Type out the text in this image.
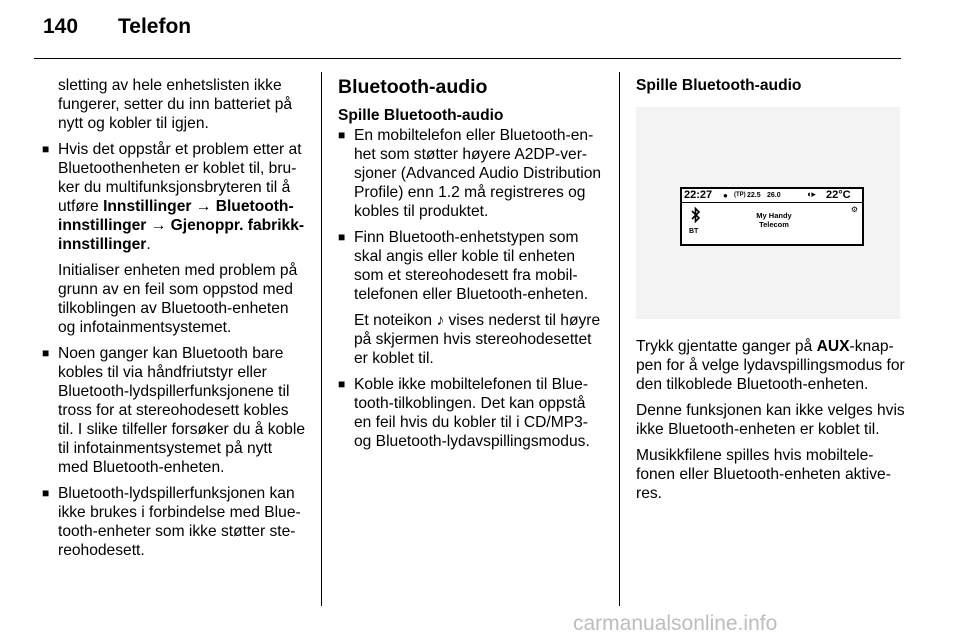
140 Telefon

sletting av hele enhetslisten ikke fungerer, setter du inn batteriet på nytt og kobler til igjen.

■ Hvis det oppstår et problem etter at Bluetoothenheten er koblet til, bruker du multifunksjonsbryteren til å utføre Innstillinger → Bluetooth-innstillinger → Gjenoppr. fabrikk-innstillinger.

Initialiser enheten med problem på grunn av en feil som oppstod med tilkoblingen av Bluetooth-enheten og infotainmentsystemet.

■ Noen ganger kan Bluetooth bare kobles til via håndfriutstyr eller Bluetooth-lydspillerfunksjonene til tross for at stereohodesett kobles til. I slike tilfeller forsøker du å koble til infotainmentsystemet på nytt med Bluetooth-enheten.
■ Bluetooth-lydspillerfunksjonen kan ikke brukes i forbindelse med Bluetooth-enheter som ikke støtter stereohodesett.
Bluetooth-audio
Spille Bluetooth-audio
■ En mobiltelefon eller Bluetooth-enhet som støtter høyere A2DP-versjoner (Advanced Audio Distribution Profile) enn 1.2 må registreres og kobles til produktet.
■ Finn Bluetooth-enhetstypen som skal angis eller koble til enheten som et stereohodesett fra mobiltelefonen eller Bluetooth-enheten.

Et noteikon ♪ vises nederst til høyre på skjermen hvis stereohodesettet er koblet til.

■ Koble ikke mobiltelefonen til Bluetooth-tilkoblingen. Det kan oppstå en feil hvis du kobler til i CD/MP3- og Bluetooth-lydavspillingsmodus.
Spille Bluetooth-audio
22:27 ● (TP) 22.5 26.0	◖▸ 22°C
BT
My Handy
Telecom
⚙

Trykk gjentatte ganger på AUX-knappen for å velge lydavspillingsmodus for den tilkoblede Bluetooth-enheten.

Denne funksjonen kan ikke velges hvis ikke Bluetooth-enheten er koblet til.

Musikkfilene spilles hvis mobiltelefonen eller Bluetooth-enheten aktiveres.

carmanualsonline.info
